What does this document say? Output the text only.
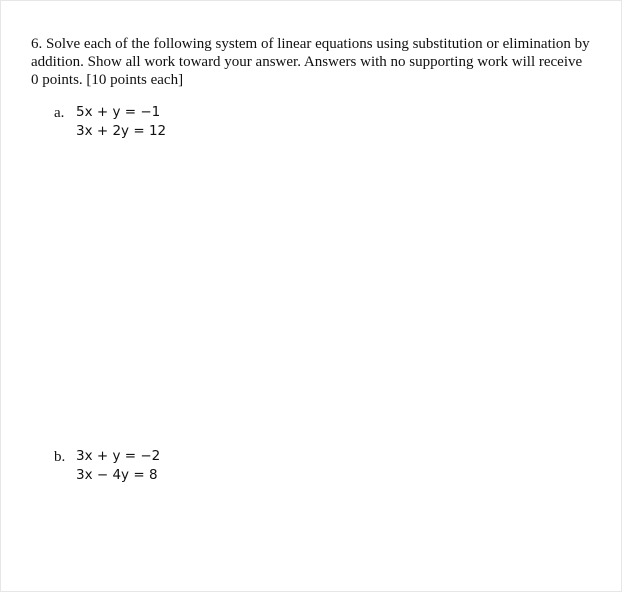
6. Solve each of the following system of linear equations using substitution or elimination by addition. Show all work toward your answer. Answers with no supporting work will receive 0 points. [10 points each]
a. 5x + y = −1
3x + 2y = 12
b. 3x + y = −2
3x − 4y = 8
